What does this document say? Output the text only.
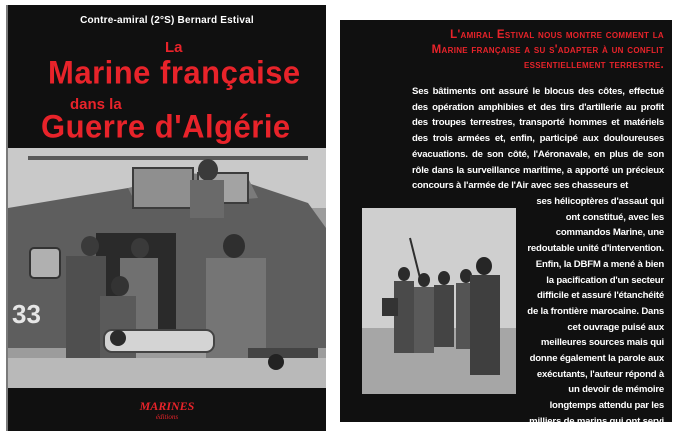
Contre-amiral (2°S) Bernard Estival
La
Marine française
dans la
Guerre d'Algérie
33
MARINES
éditions
L'amiral Estival nous montre comment la Marine française a su s'adapter à un conflit essentiellement terrestre.
Ses bâtiments ont assuré le blocus des côtes, effectué des opération amphibies et des tirs d'artillerie au profit des troupes terrestres, transporté hommes et matériels des trois armées et, enfin, participé aux douloureuses évacuations. de son côté, l'Aéronavale, en plus de son rôle dans la surveillance maritime, a apporté un précieux concours à l'armée de l'Air avec ses chasseurs et
ses hélicoptères d'assaut qui ont constitué, avec les commandos Marine, une redoutable unité d'intervention. Enfin, la DBFM a mené à bien la pacification d'un secteur difficile et assuré l'étanchéité de la frontière marocaine. Dans cet ouvrage puisé aux meilleures sources mais qui donne également la parole aux exécutants, l'auteur répond à un devoir de mémoire longtemps attendu par les milliers de marins qui ont servi en Algérie.
